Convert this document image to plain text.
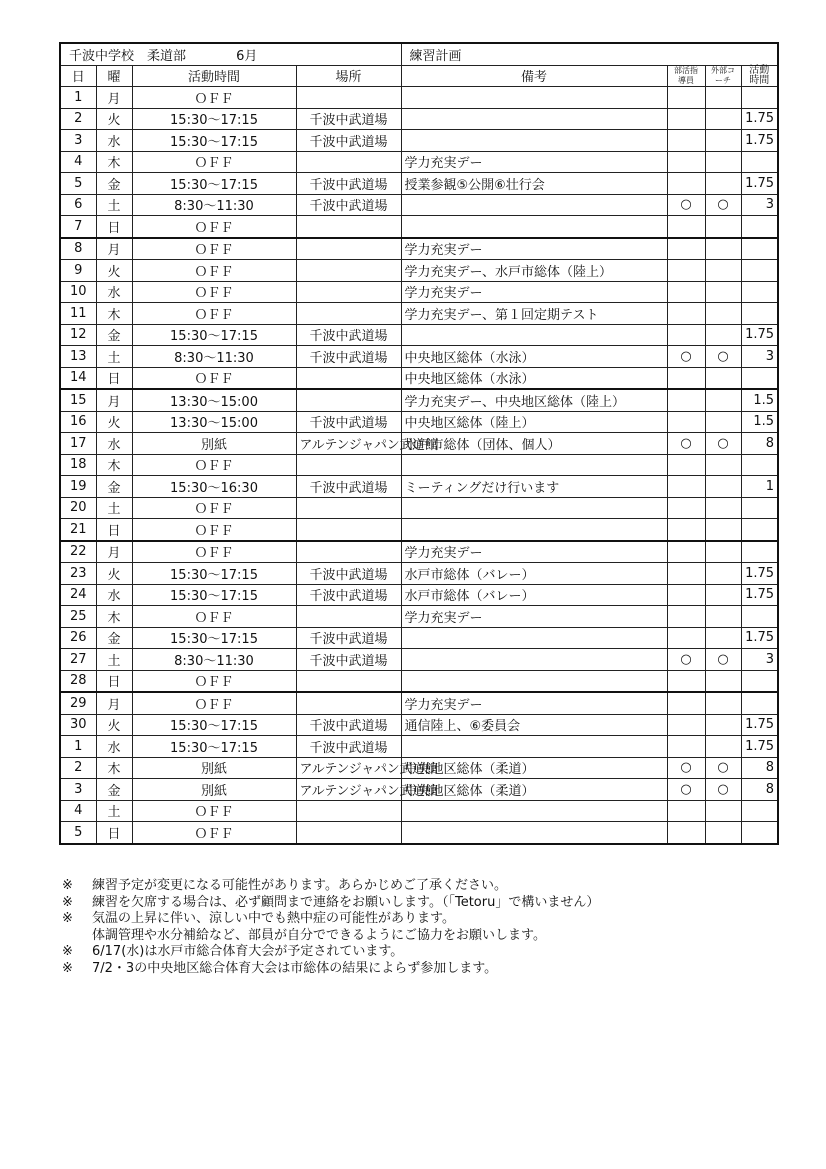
千波中学校　柔道部 6月				練習計画			
日	曜	活動時間	場所	備考	部活指導員	外部コーチ	活動時間
1	月	ＯＦＦ					
2	火	15:30～17:15	千波中武道場				1.75
3	水	15:30～17:15	千波中武道場				1.75
4	木	ＯＦＦ		学力充実デー			
5	金	15:30～17:15	千波中武道場	授業参観⑤公開⑥壮行会			1.75
6	土	8:30～11:30	千波中武道場		○	○	3
7	日	ＯＦＦ					
8	月	ＯＦＦ		学力充実デー			
9	火	ＯＦＦ		学力充実デー、水戸市総体（陸上）			
10	水	ＯＦＦ		学力充実デー			
11	木	ＯＦＦ		学力充実デー、第１回定期テスト			
12	金	15:30～17:15	千波中武道場				1.75
13	土	8:30～11:30	千波中武道場	中央地区総体（水泳）	○	○	3
14	日	ＯＦＦ		中央地区総体（水泳）			
15	月	13:30～15:00		学力充実デー、中央地区総体（陸上）			1.5
16	火	13:30～15:00	千波中武道場	中央地区総体（陸上）			1.5
17	水	別紙	アルテンジャパン武道館	水戸市総体（団体、個人）	○	○	8
18	木	ＯＦＦ					
19	金	15:30～16:30	千波中武道場	ミーティングだけ行います			1
20	土	ＯＦＦ					
21	日	ＯＦＦ					
22	月	ＯＦＦ		学力充実デー			
23	火	15:30～17:15	千波中武道場	水戸市総体（バレー）			1.75
24	水	15:30～17:15	千波中武道場	水戸市総体（バレー）			1.75
25	木	ＯＦＦ		学力充実デー			
26	金	15:30～17:15	千波中武道場				1.75
27	土	8:30～11:30	千波中武道場		○	○	3
28	日	ＯＦＦ					
29	月	ＯＦＦ		学力充実デー			
30	火	15:30～17:15	千波中武道場	通信陸上、⑥委員会			1.75
1	水	15:30～17:15	千波中武道場				1.75
2	木	別紙	アルテンジャパン武道館	中央地区総体（柔道）	○	○	8
3	金	別紙	アルテンジャパン武道館	中央地区総体（柔道）	○	○	8
4	土	ＯＦＦ					
5	日	ＯＦＦ					
※	練習予定が変更になる可能性があります。あらかじめご了承ください。
※	練習を欠席する場合は、必ず顧問まで連絡をお願いします。（「Tetoru」で構いません）
※	気温の上昇に伴い、涼しい中でも熱中症の可能性があります。
体調管理や水分補給など、部員が自分でできるようにご協力をお願いします。
※	6/17(水)は水戸市総合体育大会が予定されています。
※	7/2・3の中央地区総合体育大会は市総体の結果によらず参加します。
